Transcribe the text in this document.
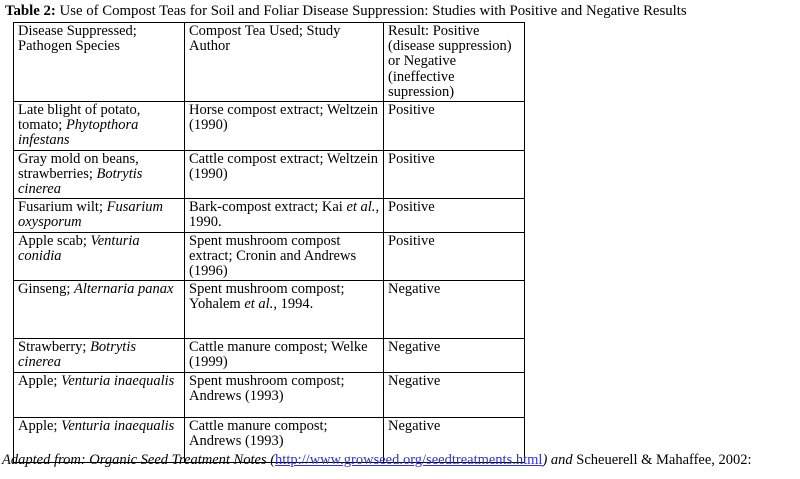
Table 2: Use of Compost Teas for Soil and Foliar Disease Suppression: Studies with Positive and Negative Results
Disease Suppressed; Pathogen Species	Compost Tea Used; Study Author	Result: Positive (disease suppression) or Negative (ineffective supression)
Late blight of potato, tomato; Phytopthora infestans	Horse compost extract; Weltzein (1990)	Positive
Gray mold on beans, strawberries; Botrytis cinerea	Cattle compost extract; Weltzein (1990)	Positive
Fusarium wilt; Fusarium oxysporum	Bark-compost extract; Kai et al., 1990.	Positive
Apple scab; Venturia conidia	Spent mushroom compost extract; Cronin and Andrews (1996)	Positive
Ginseng; Alternaria panax	Spent mushroom compost; Yohalem et al., 1994.	Negative
Strawberry; Botrytis cinerea	Cattle manure compost; Welke (1999)	Negative
Apple; Venturia inaequalis	Spent mushroom compost; Andrews (1993)	Negative
Apple; Venturia inaequalis	Cattle manure compost; Andrews (1993)	Negative
Adapted from: Organic Seed Treatment Notes (http://www.growseed.org/seedtreatments.html) and Scheuerell & Mahaffee, 2002:
